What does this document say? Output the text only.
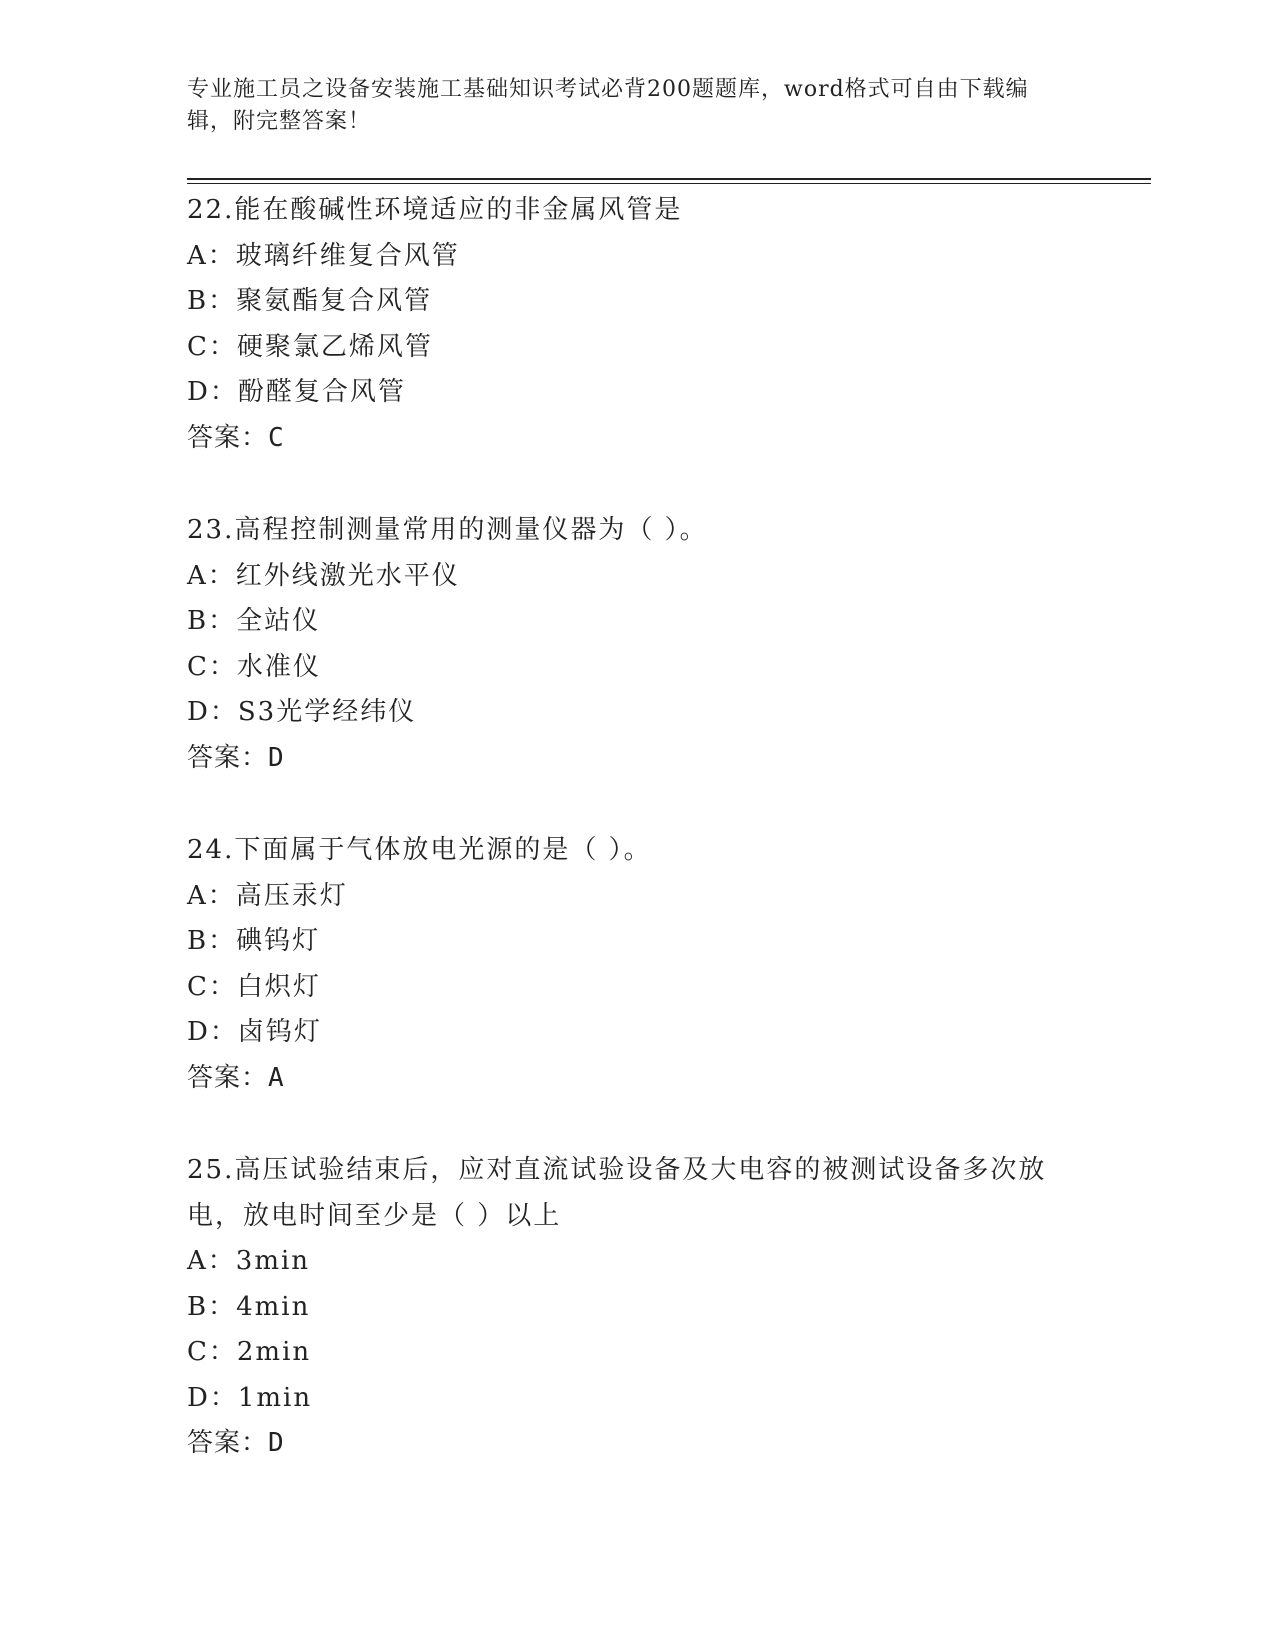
专业施工员之设备安装施工基础知识考试必背200题题库，word格式可自由下载编辑，附完整答案！
22.能在酸碱性环境适应的非金属风管是
A：玻璃纤维复合风管
B：聚氨酯复合风管
C：硬聚氯乙烯风管
D：酚醛复合风管
答案：C
23.高程控制测量常用的测量仪器为（ ）。
A：红外线激光水平仪
B：全站仪
C：水准仪
D：S3光学经纬仪
答案：D
24.下面属于气体放电光源的是（ ）。
A：高压汞灯
B：碘钨灯
C：白炽灯
D：卤钨灯
答案：A
25.高压试验结束后，应对直流试验设备及大电容的被测试设备多次放电，放电时间至少是（ ）以上
A：3min
B：4min
C：2min
D：1min
答案：D
